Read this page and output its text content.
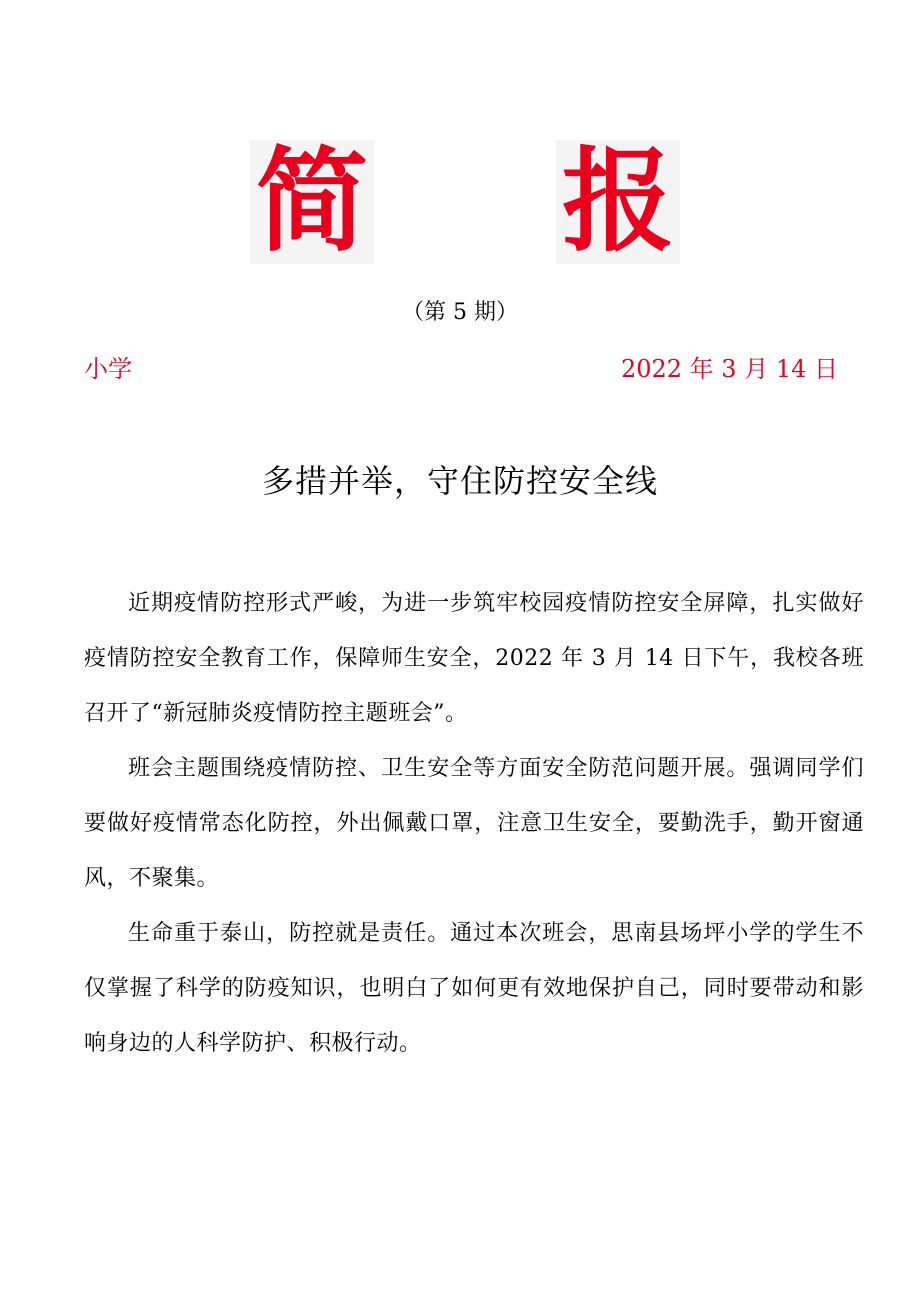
简 报
（第 5 期）
小学	2022 年 3 月 14 日
多措并举，守住防控安全线

近期疫情防控形式严峻，为进一步筑牢校园疫情防控安全屏障，扎实做好疫情防控安全教育工作，保障师生安全，2022 年 3 月 14 日下午，我校各班召开了“新冠肺炎疫情防控主题班会”。

班会主题围绕疫情防控、卫生安全等方面安全防范问题开展。强调同学们要做好疫情常态化防控，外出佩戴口罩，注意卫生安全，要勤洗手，勤开窗通风，不聚集。

生命重于泰山，防控就是责任。通过本次班会，思南县场坪小学的学生不仅掌握了科学的防疫知识，也明白了如何更有效地保护自己，同时要带动和影响身边的人科学防护、积极行动。
